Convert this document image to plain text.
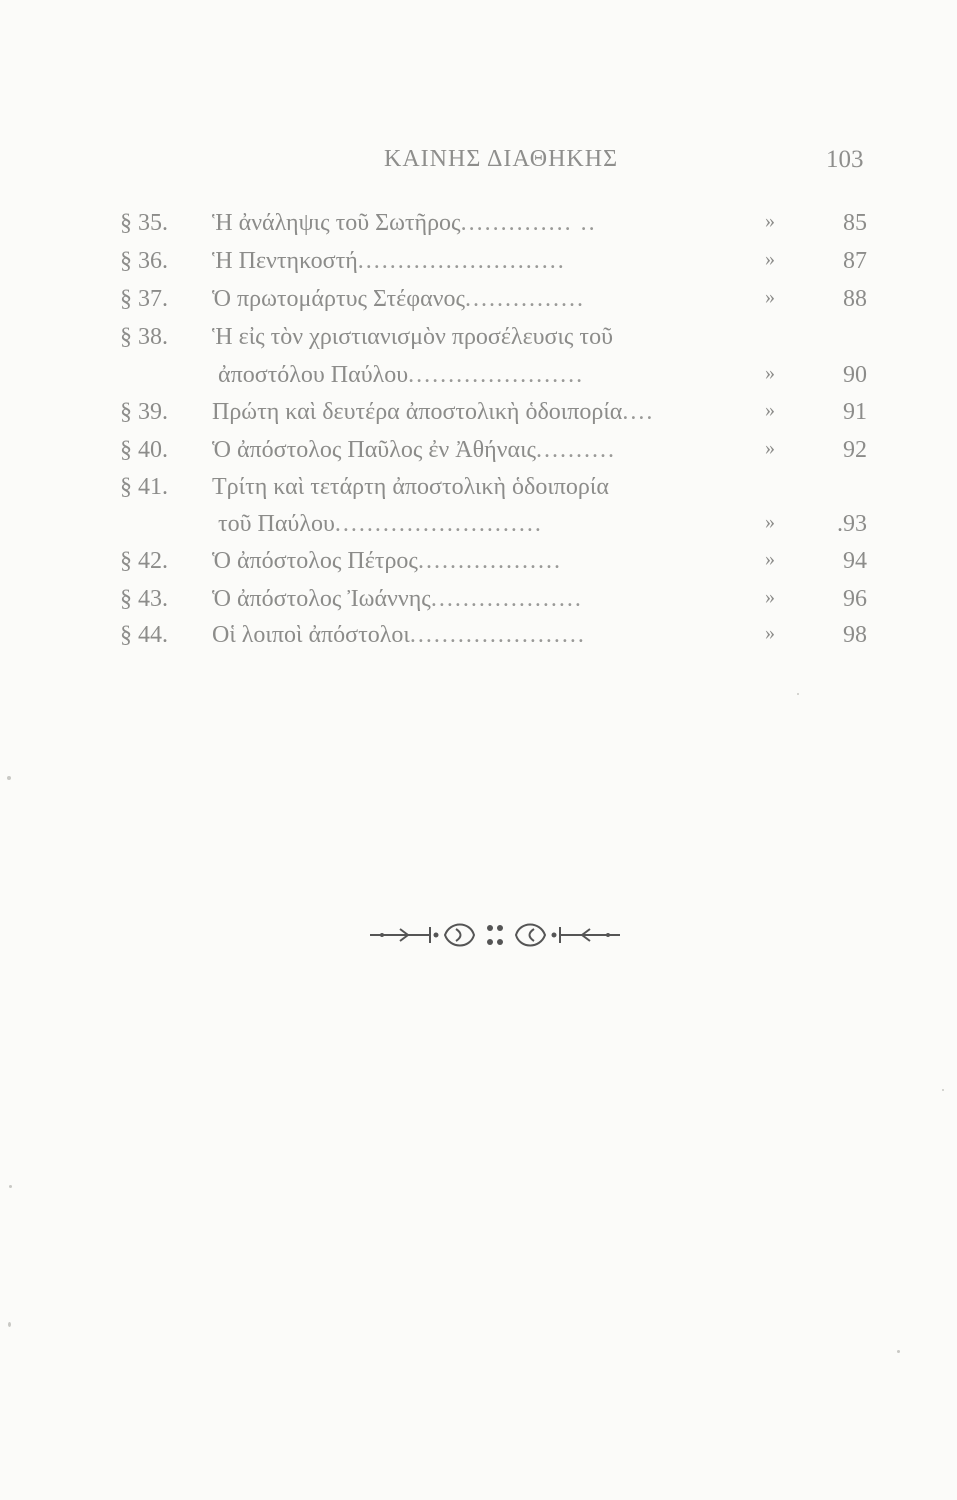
ΚΑΙΝΗΣ ΔΙΑΘΗΚΗΣ	103
§ 35.	Ἡ ἀνάληψις τοῦ Σωτῆρος.............. ..	»	85
§ 36.	Ἡ Πεντηκοστή..........................	»	87
§ 37.	Ὁ πρωτομάρτυς Στέφανος...............	»	88
§ 38.	Ἡ εἰς τὸν χριστιανισμὸν προσέλευσις τοῦ
ἀποστόλου Παύλου......................	»	90
§ 39.	Πρώτη καὶ δευτέρα ἀποστολικὴ ὁδοιπορία....	»	91
§ 40.	Ὁ ἀπόστολος Παῦλος ἐν Ἀθήναις..........	»	92
§ 41.	Τρίτη καὶ τετάρτη ἀποστολικὴ ὁδοιπορία
τοῦ Παύλου..........................	»	.93
§ 42.	Ὁ ἀπόστολος Πέτρος..................	»	94
§ 43.	Ὁ ἀπόστολος Ἰωάννης...................	»	96
§ 44.	Οἱ λοιποὶ ἀπόστολοι......................	»	98
